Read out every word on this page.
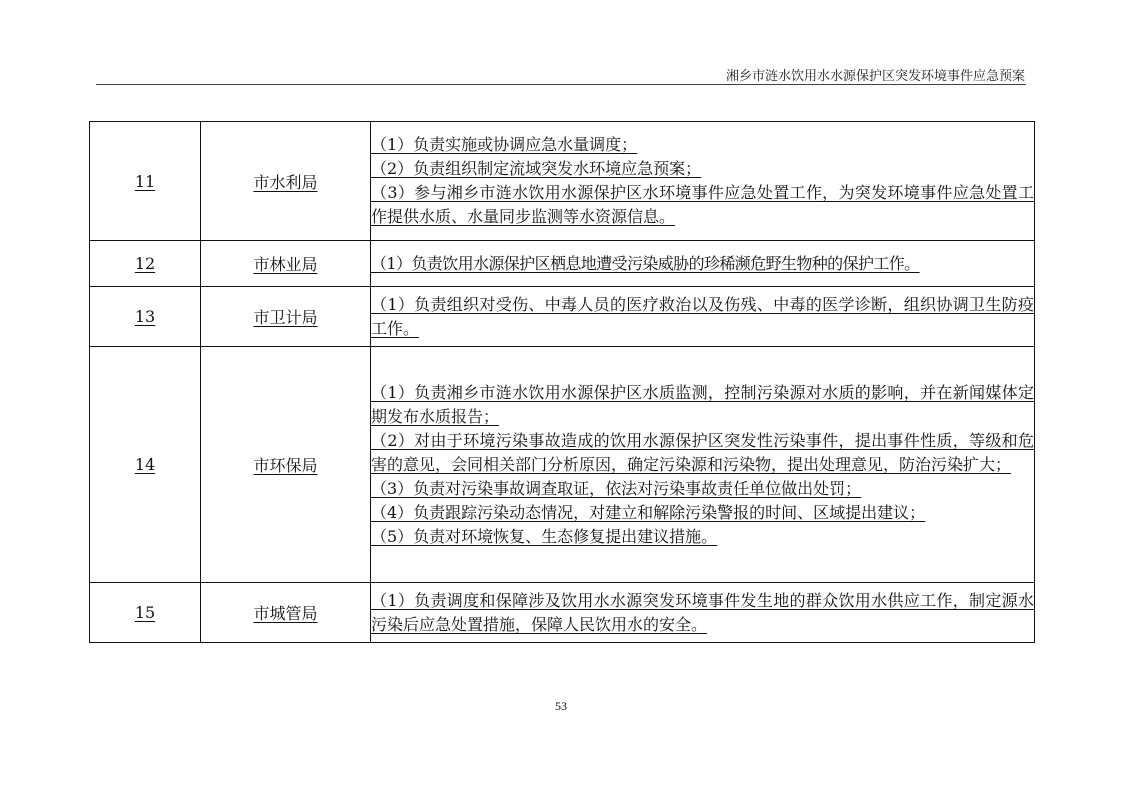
湘乡市涟水饮用水水源保护区突发环境事件应急预案
11	市水利局	（1）负责实施或协调应急水量调度；
（2）负责组织制定流域突发水环境应急预案；
（3）参与湘乡市涟水饮用水源保护区水环境事件应急处置工作，为突发环境事件应急处置工作提供水质、水量同步监测等水资源信息。

12	市林业局	（1）负责饮用水源保护区栖息地遭受污染威胁的珍稀濒危野生物种的保护工作。

13	市卫计局	（1）负责组织对受伤、中毒人员的医疗救治以及伤残、中毒的医学诊断，组织协调卫生防疫工作。

14	市环保局	（1）负责湘乡市涟水饮用水源保护区水质监测，控制污染源对水质的影响，并在新闻媒体定期发布水质报告；
（2）对由于环境污染事故造成的饮用水源保护区突发性污染事件，提出事件性质，等级和危害的意见，会同相关部门分析原因，确定污染源和污染物，提出处理意见，防治污染扩大；
（3）负责对污染事故调查取证，依法对污染事故责任单位做出处罚；
（4）负责跟踪污染动态情况，对建立和解除污染警报的时间、区域提出建议；
（5）负责对环境恢复、生态修复提出建议措施。

15	市城管局	（1）负责调度和保障涉及饮用水水源突发环境事件发生地的群众饮用水供应工作，制定源水污染后应急处置措施，保障人民饮用水的安全。
53
